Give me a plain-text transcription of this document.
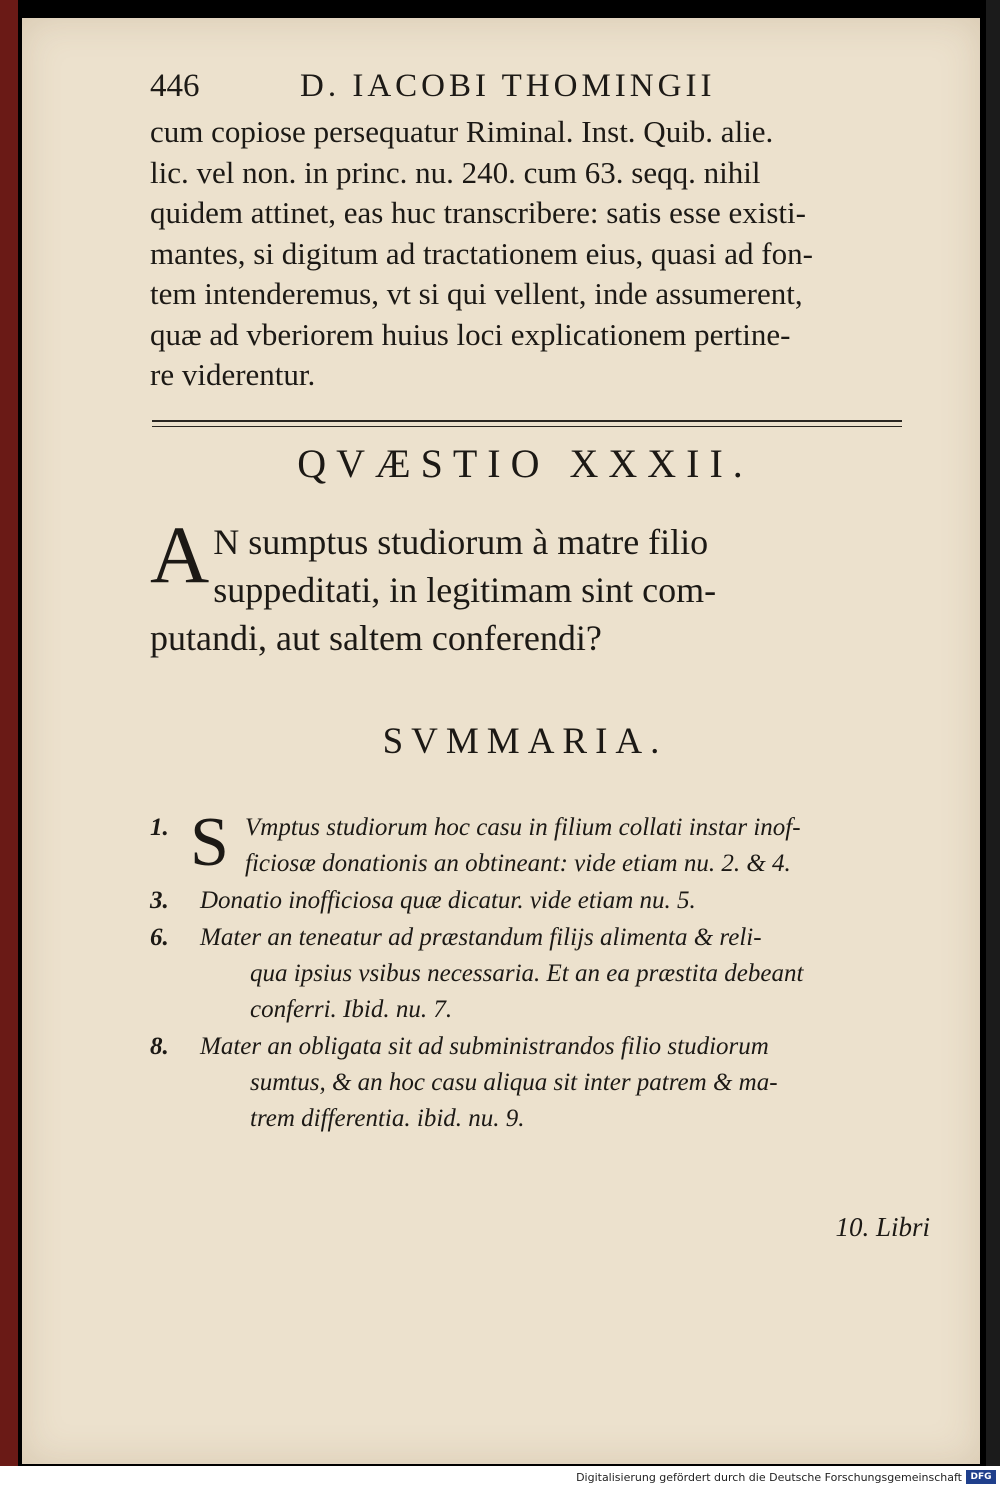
446	D. IACOBI THOMINGII
cum copiose persequatur Riminal. Inst. Quib. alie.
lic. vel non. in princ. nu. 240. cum 63. seqq. nihil
quidem attinet, eas huc transcribere: satis esse existi-
mantes, si digitum ad tractationem eius, quasi ad fon-
tem intenderemus, vt si qui vellent, inde assumerent,
quæ ad vberiorem huius loci explicationem pertine-
re viderentur.
QVÆSTIO XXXII.
A N sumptus studiorum à matre filio
suppeditati, in legitimam sint com-
putandi, aut saltem conferendi?
SVMMARIA.
1. S Vmptus studiorum hoc casu in filium collati instar inof-
ficiosæ donationis an obtineant: vide etiam nu. 2. & 4.
3.	Donatio inofficiosa quæ dicatur. vide etiam nu. 5.
6.	Mater an teneatur ad præstandum filijs alimenta & reli-
qua ipsius vsibus necessaria. Et an ea præstita debeant
conferri. Ibid. nu. 7.
8.	Mater an obligata sit ad subministrandos filio studiorum
sumtus, & an hoc casu aliqua sit inter patrem & ma-
trem differentia. ibid. nu. 9.
10. Libri
Digitalisierung gefördert durch die Deutsche Forschungsgemeinschaft DFG
